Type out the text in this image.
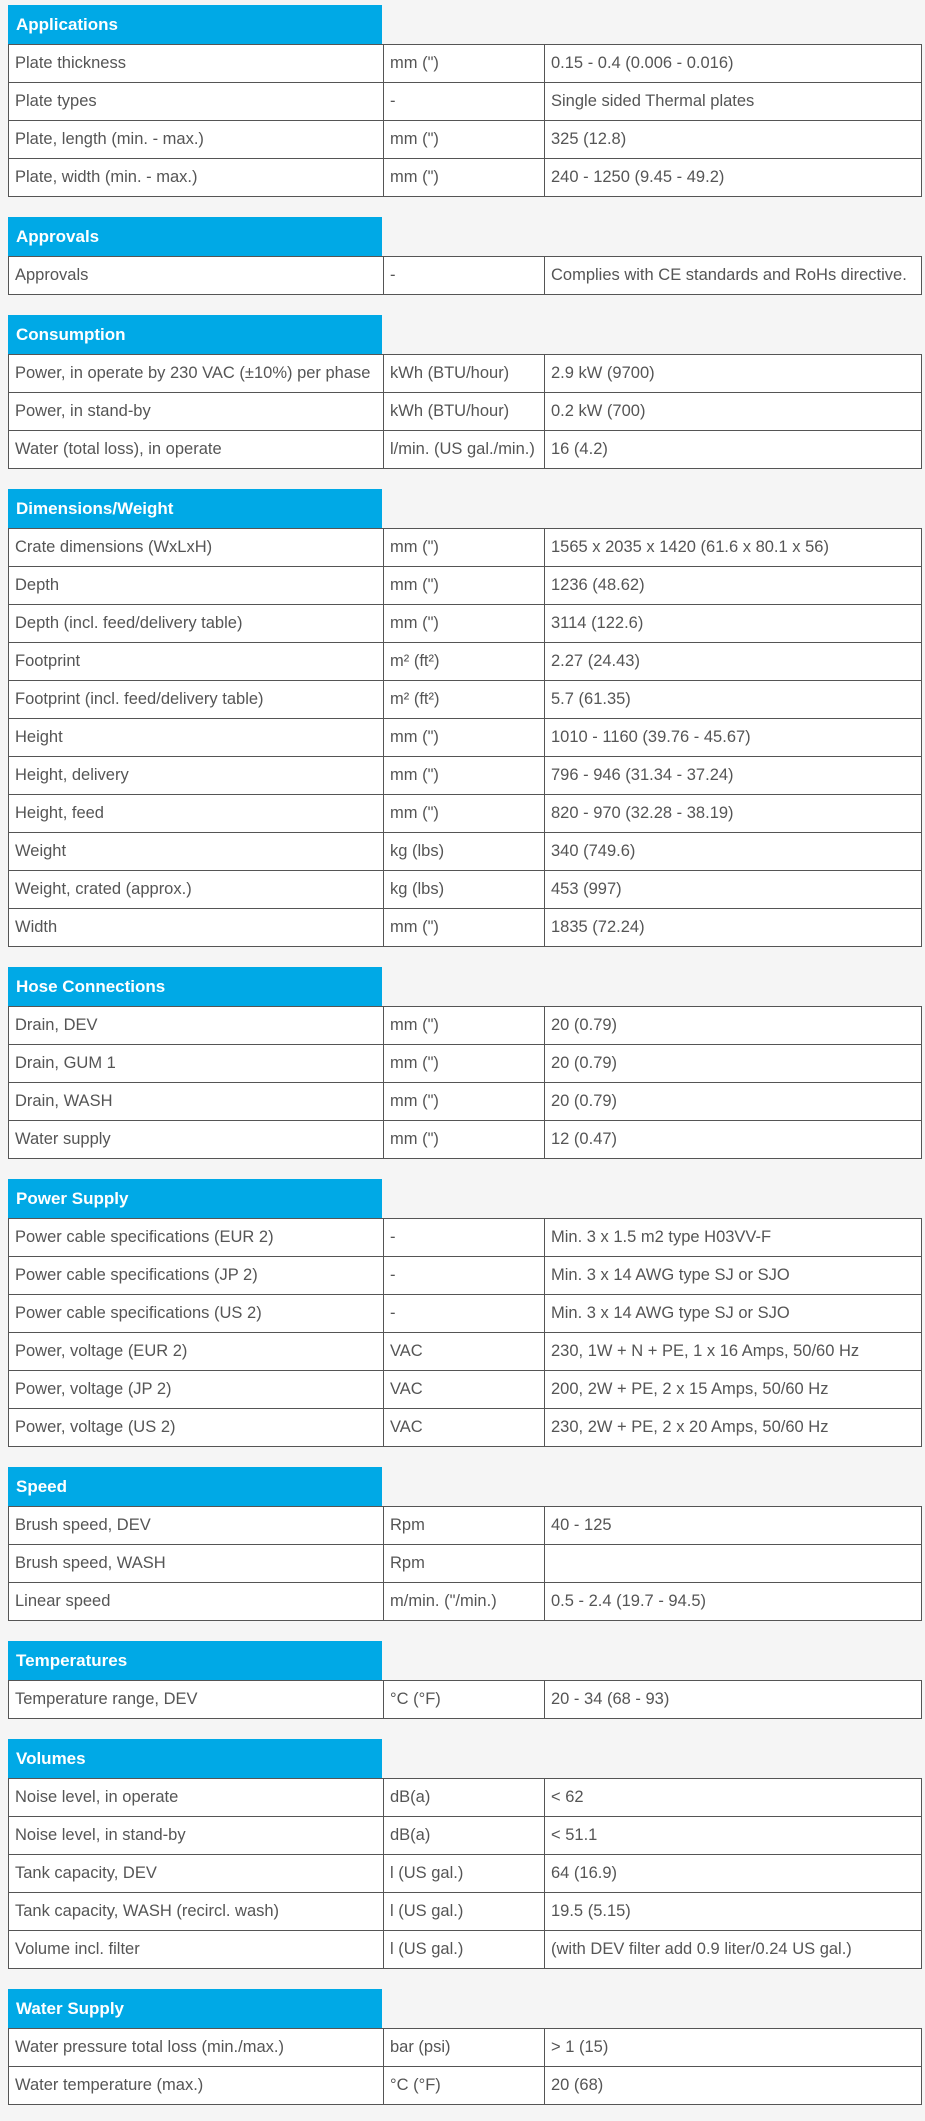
Applications
Plate thickness	mm (")	0.15 - 0.4 (0.006 - 0.016)
Plate types	-	Single sided Thermal plates
Plate, length (min. - max.)	mm (")	325 (12.8)
Plate, width (min. - max.)	mm (")	240 - 1250 (9.45 - 49.2)
Approvals
Approvals	-	Complies with CE standards and RoHs directive.
Consumption
Power, in operate by 230 VAC (±10%) per phase	kWh (BTU/hour)	2.9 kW (9700)
Power, in stand-by	kWh (BTU/hour)	0.2 kW (700)
Water (total loss), in operate	l/min. (US gal./min.)	16 (4.2)
Dimensions/Weight
Crate dimensions (WxLxH)	mm (")	1565 x 2035 x 1420 (61.6 x 80.1 x 56)
Depth	mm (")	1236 (48.62)
Depth (incl. feed/delivery table)	mm (")	3114 (122.6)
Footprint	m² (ft²)	2.27 (24.43)
Footprint (incl. feed/delivery table)	m² (ft²)	5.7 (61.35)
Height	mm (")	1010 - 1160 (39.76 - 45.67)
Height, delivery	mm (")	796 - 946 (31.34 - 37.24)
Height, feed	mm (")	820 - 970 (32.28 - 38.19)
Weight	kg (lbs)	340 (749.6)
Weight, crated (approx.)	kg (lbs)	453 (997)
Width	mm (")	1835 (72.24)
Hose Connections
Drain, DEV	mm (")	20 (0.79)
Drain, GUM 1	mm (")	20 (0.79)
Drain, WASH	mm (")	20 (0.79)
Water supply	mm (")	12 (0.47)
Power Supply
Power cable specifications (EUR 2)	-	Min. 3 x 1.5 m2 type H03VV-F
Power cable specifications (JP 2)	-	Min. 3 x 14 AWG type SJ or SJO
Power cable specifications (US 2)	-	Min. 3 x 14 AWG type SJ or SJO
Power, voltage (EUR 2)	VAC	230, 1W + N + PE, 1 x 16 Amps, 50/60 Hz
Power, voltage (JP 2)	VAC	200, 2W + PE, 2 x 15 Amps, 50/60 Hz
Power, voltage (US 2)	VAC	230, 2W + PE, 2 x 20 Amps, 50/60 Hz
Speed
Brush speed, DEV	Rpm	40 - 125
Brush speed, WASH	Rpm	
Linear speed	m/min. ("/min.)	0.5 - 2.4 (19.7 - 94.5)
Temperatures
Temperature range, DEV	°C (°F)	20 - 34 (68 - 93)
Volumes
Noise level, in operate	dB(a)	< 62
Noise level, in stand-by	dB(a)	< 51.1
Tank capacity, DEV	l (US gal.)	64 (16.9)
Tank capacity, WASH (recircl. wash)	l (US gal.)	19.5 (5.15)
Volume incl. filter	l (US gal.)	(with DEV filter add 0.9 liter/0.24 US gal.)
Water Supply
Water pressure total loss (min./max.)	bar (psi)	> 1 (15)
Water temperature (max.)	°C (°F)	20 (68)
